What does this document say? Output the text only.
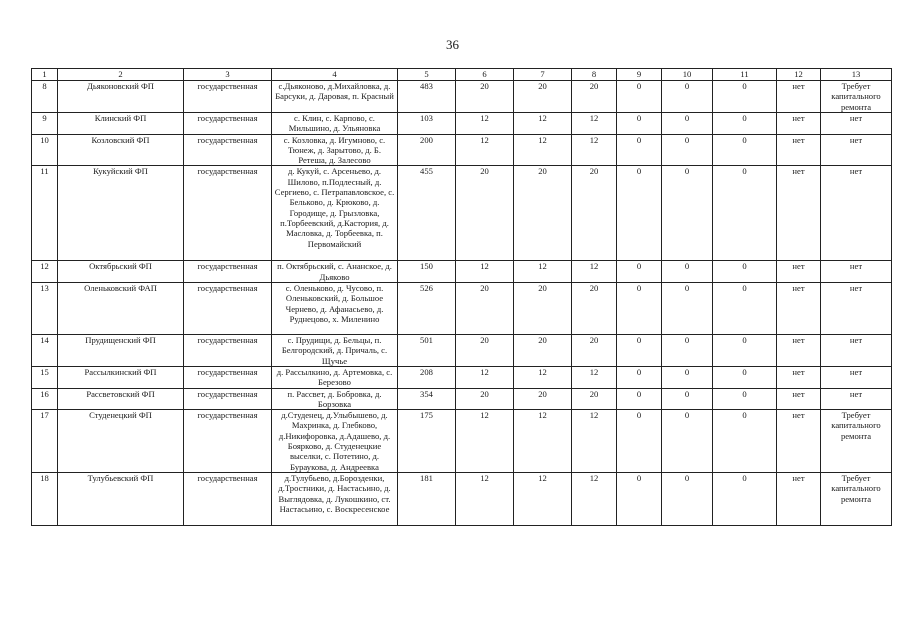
36
1	2	3	4	5	6	7	8	9	10	11	12	13
8	Дьяконовский ФП	государственная	с.Дьяконово, д.Михайловка, д. Барсуки, д. Даровая, п. Красный	483	20	20	20	0	0	0	нет	Требует капитального ремонта
9	Клинский ФП	государственная	с. Клин, с. Карпово, с. Мильшино, д. Ульяновка	103	12	12	12	0	0	0	нет	нет
10	Козловский ФП	государственная	с. Козловка, д. Игумново, с. Тюнеж, д. Зарытово, д. Б. Ретеша, д. Залесово	200	12	12	12	0	0	0	нет	нет
11	Кукуйский ФП	государственная	д. Кукуй, с. Арсеньево, д. Шилово, п.Подлесный, д. Сергиево, с. Петрапавловское, с. Бельково, д. Крюково, д. Городище, д. Грызловка, п.Торбеевский, д.Кастория, д. Масловка, д. Торбеевка, п. Первомайский	455	20	20	20	0	0	0	нет	нет
12	Октябрьский ФП	государственная	п. Октябрьский, с. Ананское, д. Дьяково	150	12	12	12	0	0	0	нет	нет
13	Оленьковский ФАП	государственная	с. Оленьково, д. Чусово, п. Оленьковский, д. Большое Чернево, д. Афанасьево, д. Руднецово, х. Миленино	526	20	20	20	0	0	0	нет	нет
14	Прудищенский ФП	государственная	с. Прудищи, д. Бельцы, п. Белгородский, д. Причаль, с. Щучье	501	20	20	20	0	0	0	нет	нет
15	Рассылкинский ФП	государственная	д. Рассылкино, д. Артемовка, с. Березово	208	12	12	12	0	0	0	нет	нет
16	Рассветовский ФП	государственная	п. Рассвет, д. Бобровка, д. Борзовка	354	20	20	20	0	0	0	нет	нет
17	Студенецкий ФП	государственная	д.Студенец, д.Улыбышево, д. Махринка, д. Глебково, д.Никифоровка, д.Адашево, д. Боярково, д. Студенецкие выселки, с. Потетино, д. Бураукова, д. Андреевка	175	12	12	12	0	0	0	нет	Требует капитального ремонта
18	Тулубьевский ФП	государственная	д.Тулубьево, д.Борозденки, д.Тростники, д. Настасьино, д. Выглядовка, д. Лукошкино, ст. Настасьино, с. Воскресенское	181	12	12	12	0	0	0	нет	Требует капитального ремонта
